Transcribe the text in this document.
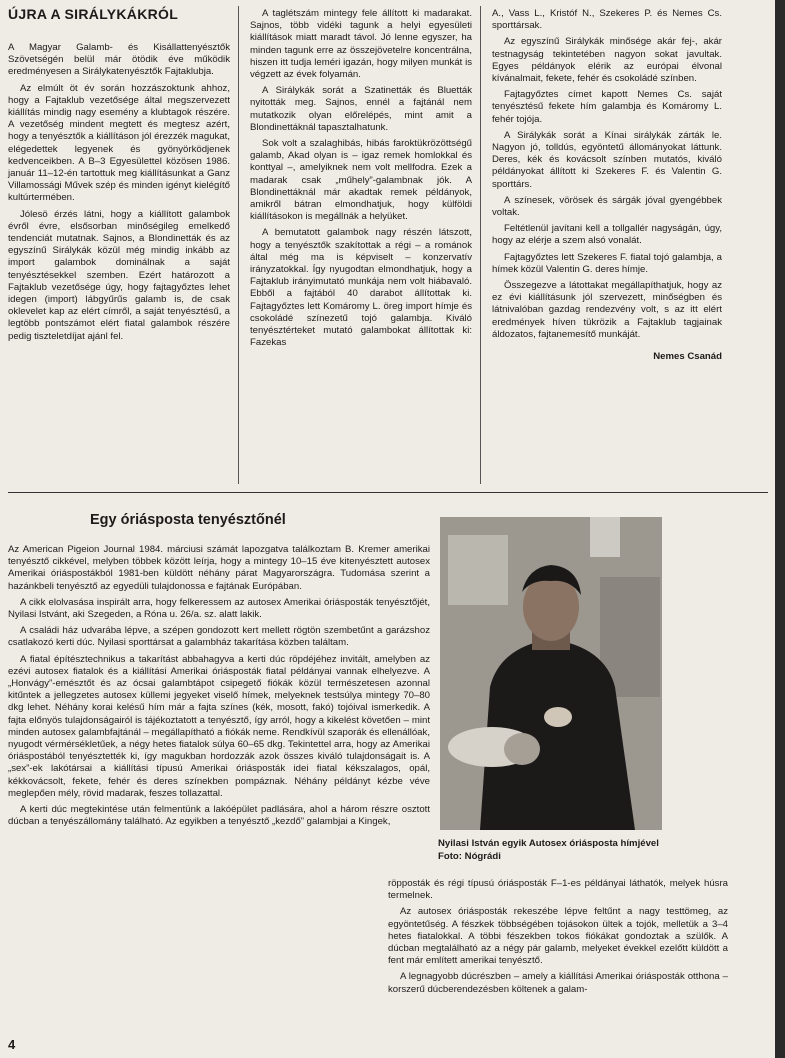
ÚJRA A SIRÁLYKÁKRÓL

A Magyar Galamb- és Kisállattenyésztők Szövetségén belül már ötödik éve működik eredményesen a Sirálykatenyésztők Fajtaklubja.

Az elmúlt öt év során hozzászoktunk ahhoz, hogy a Fajtaklub vezetősége által megszervezett kiállítás mindig nagy esemény a klubtagok részére. A vezetőség mindent megtett és megtesz azért, hogy a tenyésztők a kiállításon jól érezzék magukat, elégedettek legyenek és gyönyörködjenek kedvenceikben. A B–3 Egyesülettel közösen 1986. január 11–12-én tartottuk meg kiállításunkat a Ganz Villamossági Művek szép és minden igényt kielégítő kultúrtermében.

Jólesö érzés látni, hogy a kiállított galambok évről évre, elsősorban minőségileg emelkedő tendenciát mutatnak. Sajnos, a Blondinetták és az egyszínű Sirálykák közül még mindig inkább az import galambok dominálnak a saját tenyésztésekkel szemben. Ezért határozott a Fajtaklub vezetősége úgy, hogy fajtagyőztes lehet idegen (import) lábgyűrűs galamb is, de csak oklevelet kap az elért címről, a saját tenyésztésű, a legtöbb pontszámot elért fiatal galambok részére pedig tiszteletdíjat ajánl fel.

A taglétszám mintegy fele állított ki madarakat. Sajnos, több vidéki tagunk a helyi egyesületi kiállítások miatt maradt távol. Jó lenne egyszer, ha minden tagunk erre az összejövetelre koncentrálna, hiszen itt tudja leméri igazán, hogy milyen munkát is végzett az évek folyamán.

A Sirálykák sorát a Szatinetták és Bluetták nyitották meg. Sajnos, ennél a fajtánál nem mutatkozik olyan előrelépés, mint amit a Blondinettáknál tapasztalhatunk.

Sok volt a szalaghibás, hibás faroktükrözöttségű galamb, Akad olyan is – igaz remek homlokkal és konttyal –, amelyiknek nem volt mellfodra. Ezek a madarak csak „műhely”-galambnak jók. A Blondinettáknál már akadtak remek példányok, amikről bátran elmondhatjuk, hogy külföldi kiállításokon is megállnák a helyüket.

A bemutatott galambok nagy részén látszott, hogy a tenyésztők szakítottak a régi – a románok által még ma is képviselt – konzervatív irányzatokkal. Így nyugodtan elmondhatjuk, hogy a Fajtaklub irányimutató munkája nem volt hiábavaló. Ebből a fajtából 40 darabot állítottak ki. Fajtagyőztes lett Komáromy L. öreg import hímje és csokoládé színezetű tojó galambja. Kiváló tenyésztérteket mutató galambokat állítottak ki: Fazekas

A., Vass L., Kristóf N., Szekeres P. és Nemes Cs. sporttársak.

Az egyszínű Sirálykák minősége akár fej-, akár testnagyság tekintetében nagyon sokat javultak. Egyes példányok elérik az európai élvonal kívánalmait, fekete, fehér és csokoládé színben.

Fajtagyőztes címet kapott Nemes Cs. saját tenyésztésű fekete hím galambja és Komáromy L. fehér tojója.

A Sirálykák sorát a Kínai sirálykák zárták le. Nagyon jó, tolldús, egyöntetű állományokat láttunk. Deres, kék és kovácsolt színben mutatós, kiváló példányokat állított ki Szekeres F. és Valentin G. sporttárs.

A színesek, vörösek és sárgák jóval gyengébbek voltak.

Feltétlenül javítani kell a tollgallér nagyságán, úgy, hogy az elérje a szem alsó vonalát.

Fajtagyőztes lett Szekeres F. fiatal tojó galambja, a hímek közül Valentin G. deres hímje.

Összegezve a látottakat megállapíthatjuk, hogy az ez évi kiállításunk jól szervezett, minőségben és látnivalóban gazdag rendezvény volt, s az itt elért eredmények híven tükrözik a Fajtaklub tagjainak áldozatos, fajtanemesítő munkáját.

Nemes Csanád

Egy óriásposta tenyésztőnél

Az American Pigeion Journal 1984. márciusi számát lapozgatva találkoztam B. Kremer amerikai tenyésztő cikkével, melyben többek között leírja, hogy a mintegy 10–15 éve kitenyésztett autosex Amerikai óriáspostákból 1981-ben küldött néhány párat Magyarországra. Tudomása szerint a hazánkbeli tenyésztő az egyedüli tulajdonossa e fajtának Európában.

A cikk elolvasása inspirált arra, hogy felkeressem az autosex Amerikai óriásposták tenyésztőjét, Nyilasi Istvánt, aki Szegeden, a Róna u. 26/a. sz. alatt lakik.

A családi ház udvarába lépve, a szépen gondozott kert mellett rögtön szembetűnt a garázshoz csatlakozó kerti dúc. Nyilasi sporttársat a galambház takarítása közben találtam.

A fiatal építésztechnikus a takarítást abbahagyva a kerti dúc röpdéjéhez invitált, amelyben az ezévi autosex fiatalok és a kiállítási Amerikai óriásposták fiatal példányai vannak elhelyezve. A „Honvágy”-emésztőt és az ócsai galambtápot csipegető fiókák közül természetesen azonnal kitűntek a jellegzetes autosex küllemi jegyeket viselő hímek, melyeknek testsúlya mintegy 70–80 dkg lehet. Néhány korai kelésű hím már a fajta színes (kék, mosott, fakó) tojóival ismerkedik. A fajta előnyös tulajdonságairól is tájékoztatott a tenyésztő, így arról, hogy a kikelést követően – mint minden autosex galambfajtánál – megállapítható a fiókák neme. Rendkívül szaporák és ellenállóak, nyugodt vérmérsékletűek, a négy hetes fiatalok súlya 60–65 dkg. Tekintettel arra, hogy az Amerikai óriáspostából tenyésztették ki, így magukban hordozzák azok összes kiváló tulajdonságait is. A „sex”-ek lakótársai a kiállítási típusú Amerikai óriásposták idei fiatal kékszalagos, opál, kékkovácsolt, fekete, fehér és deres színekben pompáznak. Néhány példányt kézbe véve meglepően mély, rövid madarak, feszes tollazattal.

A kerti dúc megtekintése után felmentünk a lakóépület padlására, ahol a három részre osztott dúcban a tenyészállomány található. Az egyikben a tenyésztő „kezdő” galambjai a Kingek,

Nyilasi István egyik Autosex óriásposta hímjével
Foto: Nógrádi

röpposták és régi típusú óriásposták F–1-es példányai láthatók, melyek húsra termelnek.

Az autosex óriásposták rekeszébe lépve feltűnt a nagy testtömeg, az egyöntetűség. A fészkek többségében tojásokon ültek a tojók, melletük a 3–4 hetes fiatalokkal. A többi fészekben tokos fiókákat gondoztak a szülők. A dúcban megtalálható az a négy pár galamb, melyeket évekkel ezelőtt küldött a fent már említett amerikai tenyésztő.

A legnagyobb dúcrészben – amely a kiállítási Amerikai óriásposták otthona – korszerű dúcberendezésben költenek a galam-

4
